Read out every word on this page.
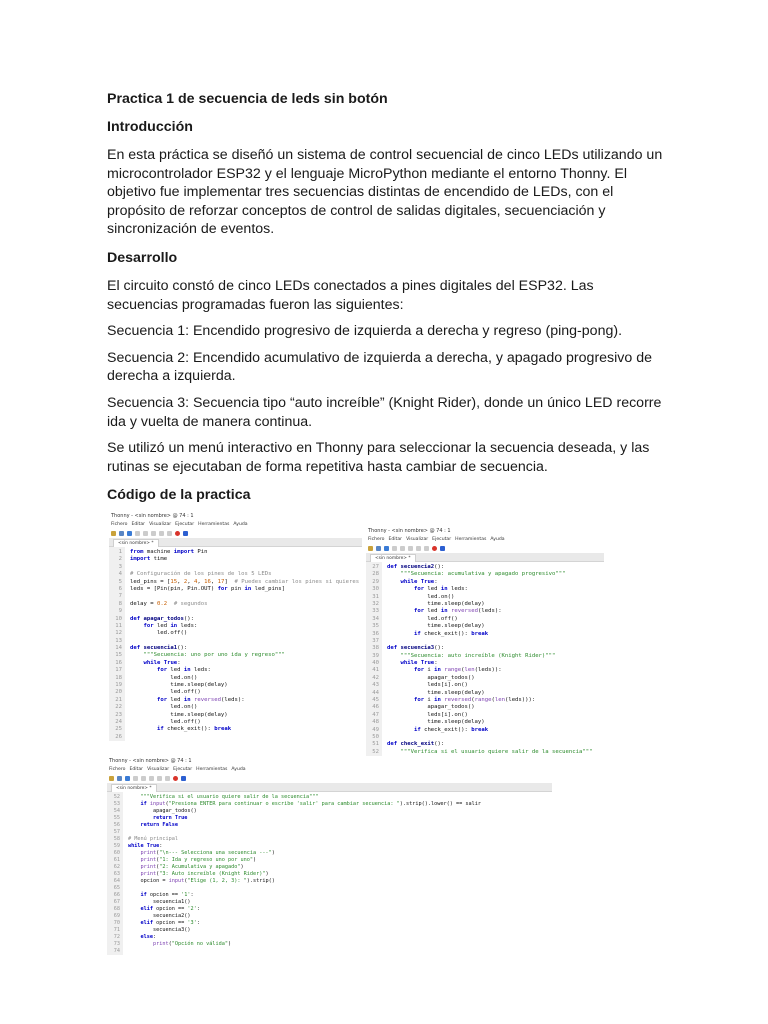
Practica 1 de secuencia de leds sin botón
Introducción
En esta práctica se diseñó un sistema de control secuencial de cinco LEDs utilizando un microcontrolador ESP32 y el lenguaje MicroPython mediante el entorno Thonny. El objetivo fue implementar tres secuencias distintas de encendido de LEDs, con el propósito de reforzar conceptos de control de salidas digitales, secuenciación y sincronización de eventos.
Desarrollo
El circuito constó de cinco LEDs conectados a pines digitales del ESP32. Las secuencias programadas fueron las siguientes:
Secuencia 1: Encendido progresivo de izquierda a derecha y regreso (ping-pong).
Secuencia 2: Encendido acumulativo de izquierda a derecha, y apagado progresivo de derecha a izquierda.
Secuencia 3: Secuencia tipo “auto increíble” (Knight Rider), donde un único LED recorre ida y vuelta de manera continua.
Se utilizó un menú interactivo en Thonny para seleccionar la secuencia deseada, y las rutinas se ejecutaban de forma repetitiva hasta cambiar de secuencia.
Código de la practica
Thonny - <sin nombre> @ 74 : 1
Fichero Editar Visualizar Ejecutar Herramientas Ayuda
<sin nombre> *
1
2
3
4
5
6
7
8
9
10
11
12
13
14
15
16
17
18
19
20
21
22
23
24
25
26
from machine import Pin
import time
# Configuración de los pines de los 5 LEDs
led_pins = [15, 2, 4, 16, 17]  # Puedes cambiar los pines si quieres
leds = [Pin(pin, Pin.OUT) for pin in led_pins]
delay = 0.2 # segundos
def apagar_todos():
for led in leds:
led.off()
def secuencia1():
"""Secuencia: uno por uno ida y regreso"""
while True:
for led in leds:
led.on()
time.sleep(delay)
led.off()
for led in reversed(leds):
led.on()
time.sleep(delay)
led.off()
if check_exit(): break
Thonny - <sin nombre> @ 74 : 1
Fichero Editar Visualizar Ejecutar Herramientas Ayuda
<sin nombre> *
27
28
29
30
31
32
33
34
35
36
37
38
39
40
41
42
43
44
45
46
47
48
49
50
51
52
def secuencia2():
"""Secuencia: acumulativa y apagado progresivo"""
while True:
for led in leds:
led.on()
time.sleep(delay)
for led in reversed(leds):
led.off()
time.sleep(delay)
if check_exit(): break
def secuencia3():
"""Secuencia: auto increíble (Knight Rider)"""
while True:
for i in range(len(leds)):
apagar_todos()
leds[i].on()
time.sleep(delay)
for i in reversed(range(len(leds))):
apagar_todos()
leds[i].on()
time.sleep(delay)
if check_exit(): break
def check_exit():
"""Verifica si el usuario quiere salir de la secuencia"""
Thonny - <sin nombre> @ 74 : 1
Fichero Editar Visualizar Ejecutar Herramientas Ayuda
<sin nombre> *
52
53
54
55
56
57
58
59
60
61
62
63
64
65
66
67
68
69
70
71
72
73
74
"""Verifica si el usuario quiere salir de la secuencia"""
if input("Presiona ENTER para continuar o escribe 'salir' para cambiar secuencia: ").strip().lower() == salir
apagar_todos()
return True
return False
# Menú principal
while True:
print("\n--- Selecciona una secuencia ---")
print("1: Ida y regreso uno por uno")
print("2: Acumulativa y apagado")
print("3: Auto increíble (Knight Rider)")
opcion = input("Elige (1, 2, 3): ").strip()
if opcion == '1':
secuencia1()
elif opcion == '2':
secuencia2()
elif opcion == '3':
secuencia3()
else:
print("Opción no válida")
